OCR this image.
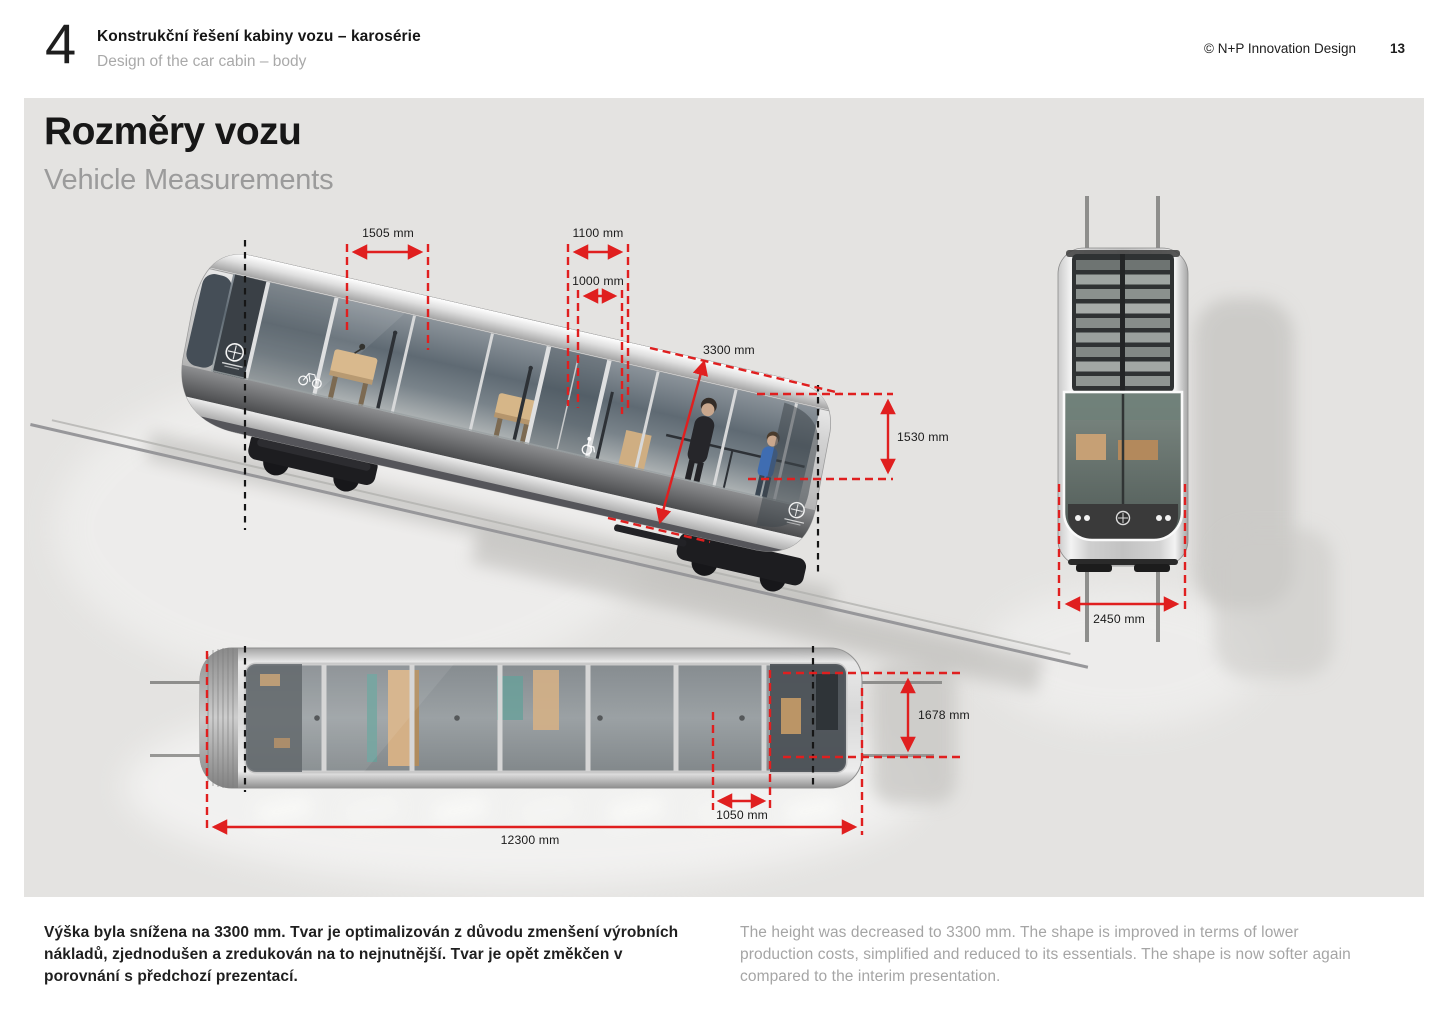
4 Konstrukční řešení kabiny vozu – karosérie
Design of the car cabin – body
© N+P Innovation Design	13
Rozměry vozu
Vehicle Measurements
1505 mm	1100 mm
1000 mm
3300 mm
1530 mm
2450 mm
1678 mm
1050 mm
12300 mm

Výška byla snížena na 3300 mm. Tvar je optimalizován z důvodu zmenšení výrobních nákladů, zjednodušen a zredukován na to nejnutnější. Tvar je opět změkčen v porovnání s předchozí prezentací.

The height was decreased to 3300 mm. The shape is improved in terms of lower production costs, simplified and reduced to its essentials. The shape is now softer again compared to the interim presentation.
